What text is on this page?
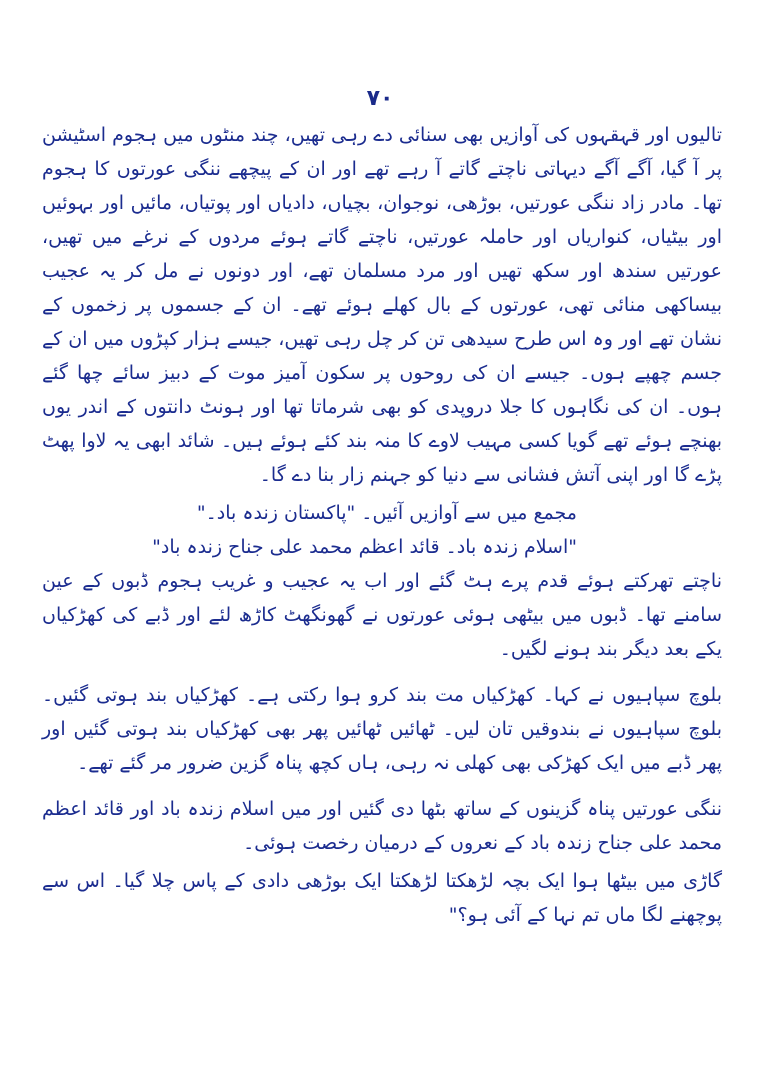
٧٠

تالیوں اور قہقہوں کی آوازیں بھی سنائی دے رہی تھیں، چند منٹوں میں ہجوم اسٹیشن پر آ گیا، آگے آگے دیہاتی ناچتے گاتے آ رہے تھے اور ان کے پیچھے ننگی عورتوں کا ہجوم تھا۔ مادر زاد ننگی عورتیں، بوڑھی، نوجوان، بچیاں، دادیاں اور پوتیاں، مائیں اور بہوئیں اور بیٹیاں، کنواریاں اور حاملہ عورتیں، ناچتے گاتے ہوئے مردوں کے نرغے میں تھیں، عورتیں سندھ اور سکھ تھیں اور مرد مسلمان تھے، اور دونوں نے مل کر یہ عجیب بیساکھی منائی تھی، عورتوں کے بال کھلے ہوئے تھے۔ ان کے جسموں پر زخموں کے نشان تھے اور وہ اس طرح سیدھی تن کر چل رہی تھیں، جیسے ہزار کپڑوں میں ان کے جسم چھپے ہوں۔ جیسے ان کی روحوں پر سکون آمیز موت کے دبیز سائے چھا گئے ہوں۔ ان کی نگاہوں کا جلا دروپدی کو بھی شرماتا تھا اور ہونٹ دانتوں کے اندر یوں بھنچے ہوئے تھے گویا کسی مہیب لاوے کا منہ بند کئے ہوئے ہیں۔ شائد ابھی یہ لاوا پھٹ پڑے گا اور اپنی آتش فشانی سے دنیا کو جہنم زار بنا دے گا۔

مجمع میں سے آوازیں آئیں۔ "پاکستان زندہ باد۔"

"اسلام زندہ باد۔ قائد اعظم محمد علی جناح زندہ باد"

ناچتے تھرکتے ہوئے قدم پرے ہٹ گئے اور اب یہ عجیب و غریب ہجوم ڈبوں کے عین سامنے تھا۔ ڈبوں میں بیٹھی ہوئی عورتوں نے گھونگھٹ کاڑھ لئے اور ڈبے کی کھڑکیاں یکے بعد دیگر بند ہونے لگیں۔

بلوچ سپاہیوں نے کہا۔ کھڑکیاں مت بند کرو ہوا رکتی ہے۔ کھڑکیاں بند ہوتی گئیں۔ بلوچ سپاہیوں نے بندوقیں تان لیں۔ ٹھائیں ٹھائیں پھر بھی کھڑکیاں بند ہوتی گئیں اور پھر ڈبے میں ایک کھڑکی بھی کھلی نہ رہی، ہاں کچھ پناہ گزین ضرور مر گئے تھے۔

ننگی عورتیں پناہ گزینوں کے ساتھ بٹھا دی گئیں اور میں اسلام زندہ باد اور قائد اعظم محمد علی جناح زندہ باد کے نعروں کے درمیان رخصت ہوئی۔

گاڑی میں بیٹھا ہوا ایک بچہ لڑھکتا لڑھکتا ایک بوڑھی دادی کے پاس چلا گیا۔ اس سے پوچھنے لگا ماں تم نہا کے آئی ہو؟"
